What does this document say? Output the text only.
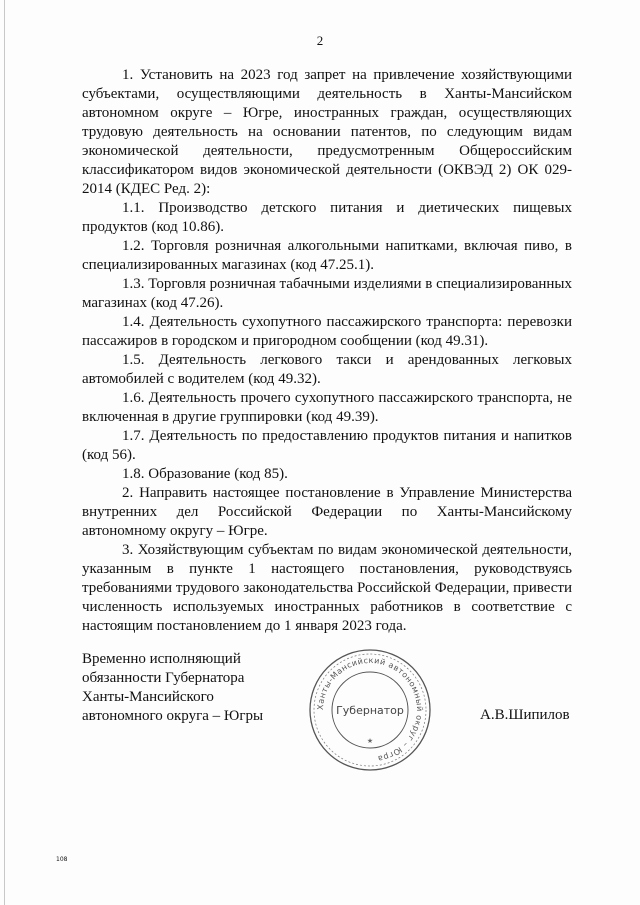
2

1. Установить на 2023 год запрет на привлечение хозяйствующими субъектами, осуществляющими деятельность в Ханты-Мансийском автономном округе – Югре, иностранных граждан, осуществляющих трудовую деятельность на основании патентов, по следующим видам экономической деятельности, предусмотренным Общероссийским классификатором видов экономической деятельности (ОКВЭД 2) ОК 029-2014 (КДЕС Ред. 2):

1.1. Производство детского питания и диетических пищевых продуктов (код 10.86).

1.2. Торговля розничная алкогольными напитками, включая пиво, в специализированных магазинах (код 47.25.1).

1.3. Торговля розничная табачными изделиями в специализированных магазинах (код 47.26).

1.4. Деятельность сухопутного пассажирского транспорта: перевозки пассажиров в городском и пригородном сообщении (код 49.31).

1.5. Деятельность легкового такси и арендованных легковых автомобилей с водителем (код 49.32).

1.6. Деятельность прочего сухопутного пассажирского транспорта, не включенная в другие группировки (код 49.39).

1.7. Деятельность по предоставлению продуктов питания и напитков (код 56).

1.8. Образование (код 85).

2. Направить настоящее постановление в Управление Министерства внутренних дел Российской Федерации по Ханты-Мансийскому автономному округу – Югре.

3. Хозяйствующим субъектам по видам экономической деятельности, указанным в пункте 1 настоящего постановления, руководствуясь требованиями трудового законодательства Российской Федерации, привести численность используемых иностранных работников в соответствие с настоящим постановлением до 1 января 2023 года.

Временно исполняющий
обязанности Губернатора
Ханты-Мансийского
автономного округа – Югры
Ханты-Мансийский автономный округ – Югра
Губернатор
★
А.В.Шипилов
108
